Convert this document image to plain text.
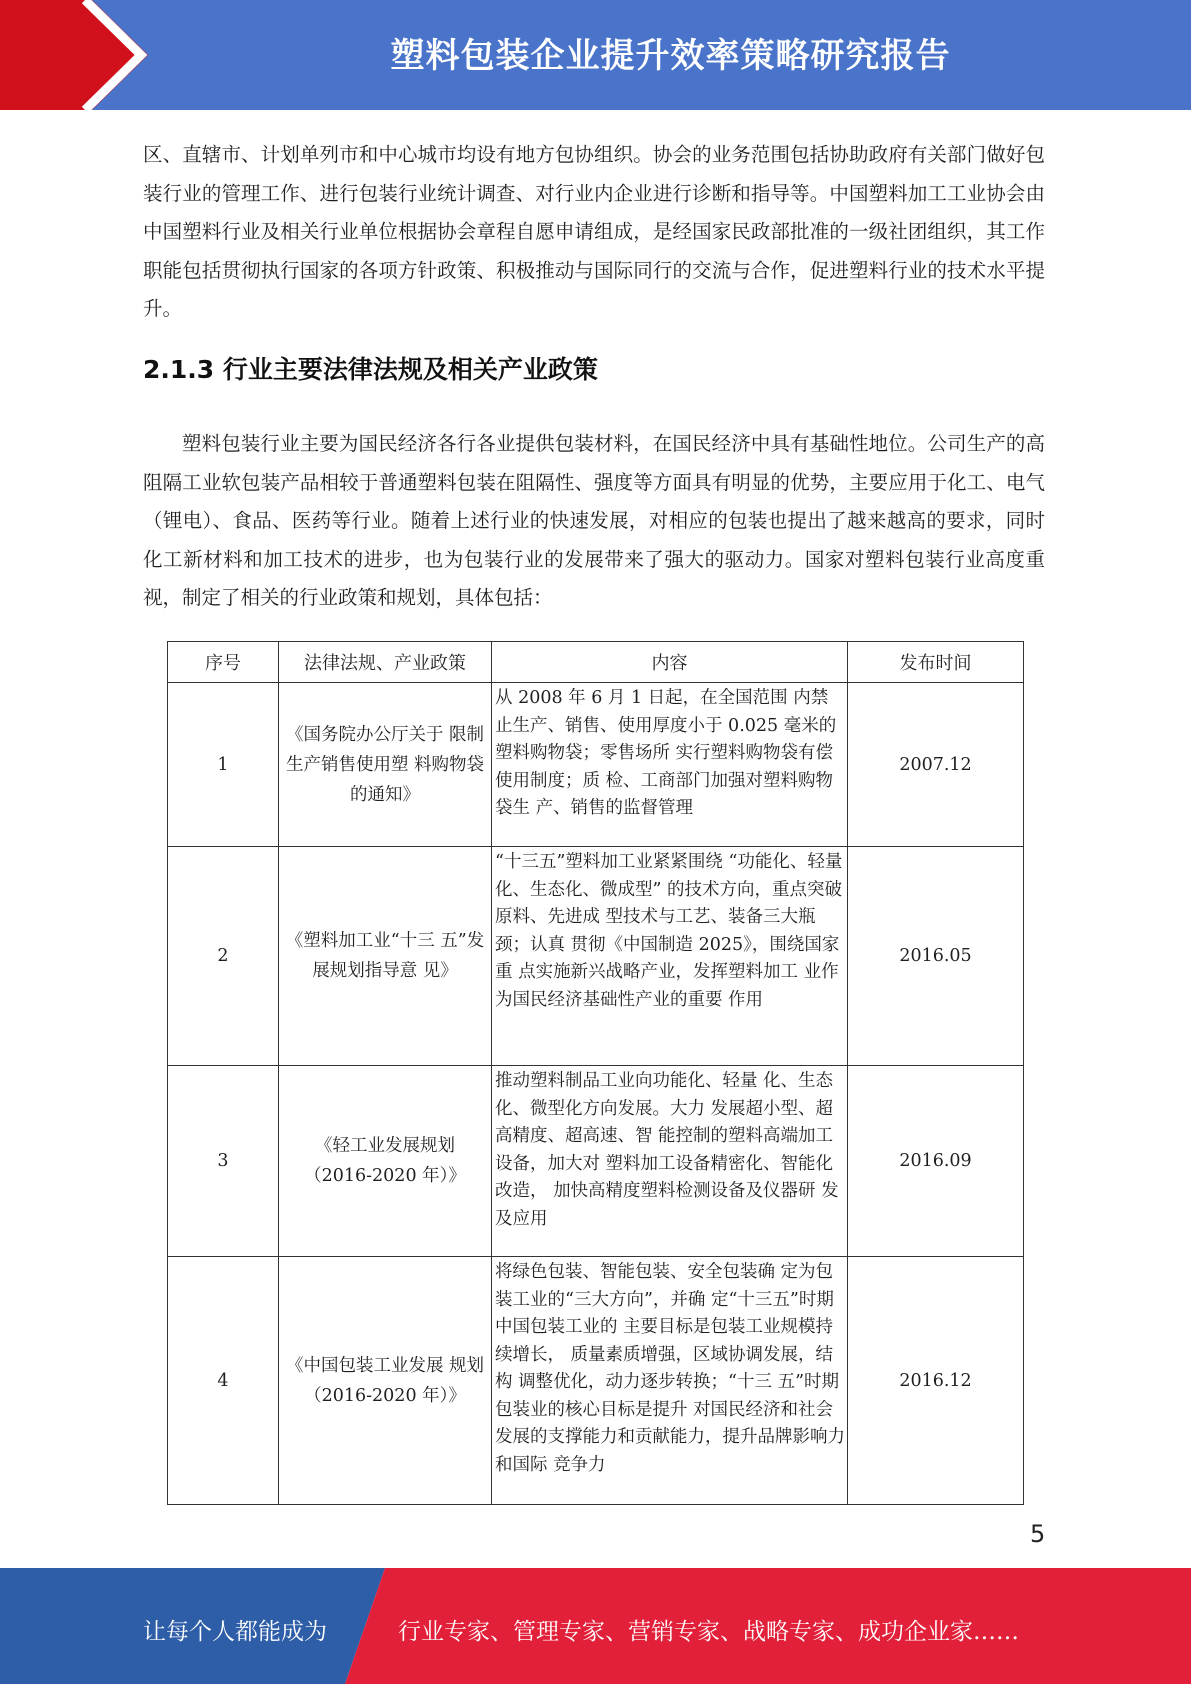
塑料包装企业提升效率策略研究报告
区、直辖市、计划单列市和中心城市均设有地方包协组织。协会的业务范围包括协助政府有关部门做好包装行业的管理工作、进行包装行业统计调查、对行业内企业进行诊断和指导等。中国塑料加工工业协会由中国塑料行业及相关行业单位根据协会章程自愿申请组成，是经国家民政部批准的一级社团组织，其工作职能包括贯彻执行国家的各项方针政策、积极推动与国际同行的交流与合作，促进塑料行业的技术水平提升。
2.1.3 行业主要法律法规及相关产业政策
塑料包装行业主要为国民经济各行各业提供包装材料，在国民经济中具有基础性地位。公司生产的高阻隔工业软包装产品相较于普通塑料包装在阻隔性、强度等方面具有明显的优势，主要应用于化工、电气（锂电）、食品、医药等行业。随着上述行业的快速发展，对相应的包装也提出了越来越高的要求，同时化工新材料和加工技术的进步，也为包装行业的发展带来了强大的驱动力。国家对塑料包装行业高度重视，制定了相关的行业政策和规划，具体包括：
序号	法律法规、产业政策	内容	发布时间
1	《国务院办公厅关于 限制生产销售使用塑 料购物袋的通知》	从 2008 年 6 月 1 日起，在全国范围 内禁止生产、销售、使用厚度小于 0.025 毫米的塑料购物袋；零售场所 实行塑料购物袋有偿使用制度；质 检、工商部门加强对塑料购物袋生 产、销售的监督管理	2007.12
2	《塑料加工业“十三 五”发展规划指导意 见》	“十三五”塑料加工业紧紧围绕 “功能化、轻量化、生态化、微成型” 的技术方向，重点突破原料、先进成 型技术与工艺、装备三大瓶颈；认真 贯彻《中国制造 2025》，围绕国家重 点实施新兴战略产业，发挥塑料加工 业作为国民经济基础性产业的重要 作用	2016.05
3	《轻工业发展规划 （2016-2020 年）》	推动塑料制品工业向功能化、轻量 化、生态化、微型化方向发展。大力 发展超小型、超高精度、超高速、智 能控制的塑料高端加工设备，加大对 塑料加工设备精密化、智能化改造， 加快高精度塑料检测设备及仪器研 发及应用	2016.09
4	《中国包装工业发展 规划（2016-2020 年）》	将绿色包装、智能包装、安全包装确 定为包装工业的“三大方向”，并确 定“十三五”时期中国包装工业的 主要目标是包装工业规模持续增长， 质量素质增强，区域协调发展，结构 调整优化，动力逐步转换；“十三 五”时期包装业的核心目标是提升 对国民经济和社会发展的支撑能力和贡献能力，提升品牌影响力和国际 竞争力	2016.12
5
让每个人都能成为	行业专家、管理专家、营销专家、战略专家、成功企业家……
